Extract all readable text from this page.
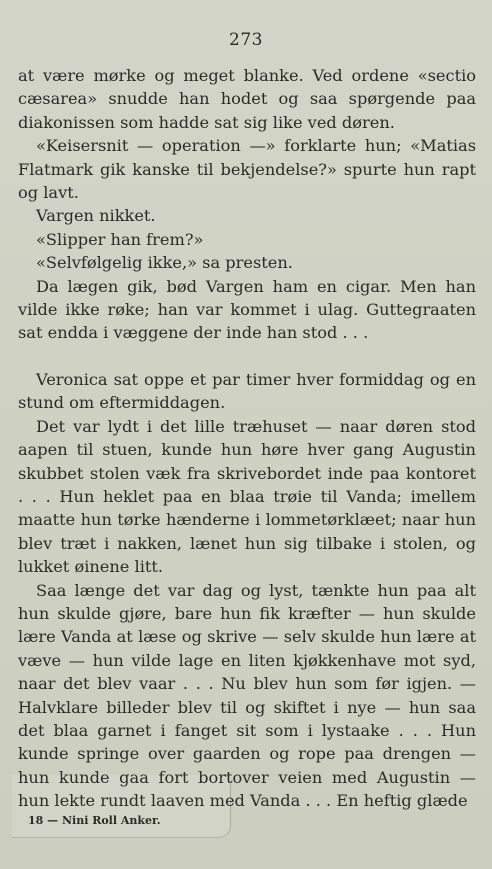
273

at være mørke og meget blanke. Ved ordene «sectio cæsarea» snudde han hodet og saa spørgende paa diakonissen som hadde sat sig like ved døren.

«Keisersnit — operation —» forklarte hun; «Matias Flatmark gik kanske til bekjendelse?» spurte hun rapt og lavt.

Vargen nikket.

«Slipper han frem?»

«Selvfølgelig ikke,» sa presten.

Da lægen gik, bød Vargen ham en cigar. Men han vilde ikke røke; han var kommet i ulag. Guttegraaten sat endda i væggene der inde han stod . . .

Veronica sat oppe et par timer hver formiddag og en stund om eftermiddagen.

Det var lydt i det lille træhuset — naar døren stod aapen til stuen, kunde hun høre hver gang Augustin skubbet stolen væk fra skrivebordet inde paa kontoret . . . Hun heklet paa en blaa trøie til Vanda; imellem maatte hun tørke hænderne i lommetørklæet; naar hun blev træt i nakken, lænet hun sig tilbake i stolen, og lukket øinene litt.

Saa længe det var dag og lyst, tænkte hun paa alt hun skulde gjøre, bare hun fik kræfter — hun skulde lære Vanda at læse og skrive — selv skulde hun lære at væve — hun vilde lage en liten kjøkkenhave mot syd, naar det blev vaar . . . Nu blev hun som før igjen. — Halvklare billeder blev til og skiftet i nye — hun saa det blaa garnet i fanget sit som i lystaake . . . Hun kunde springe over gaarden og rope paa drengen — hun kunde gaa fort bortover veien med Augustin — hun lekte rundt laaven med Vanda . . . En heftig glæde

18 — Nini Roll Anker.
